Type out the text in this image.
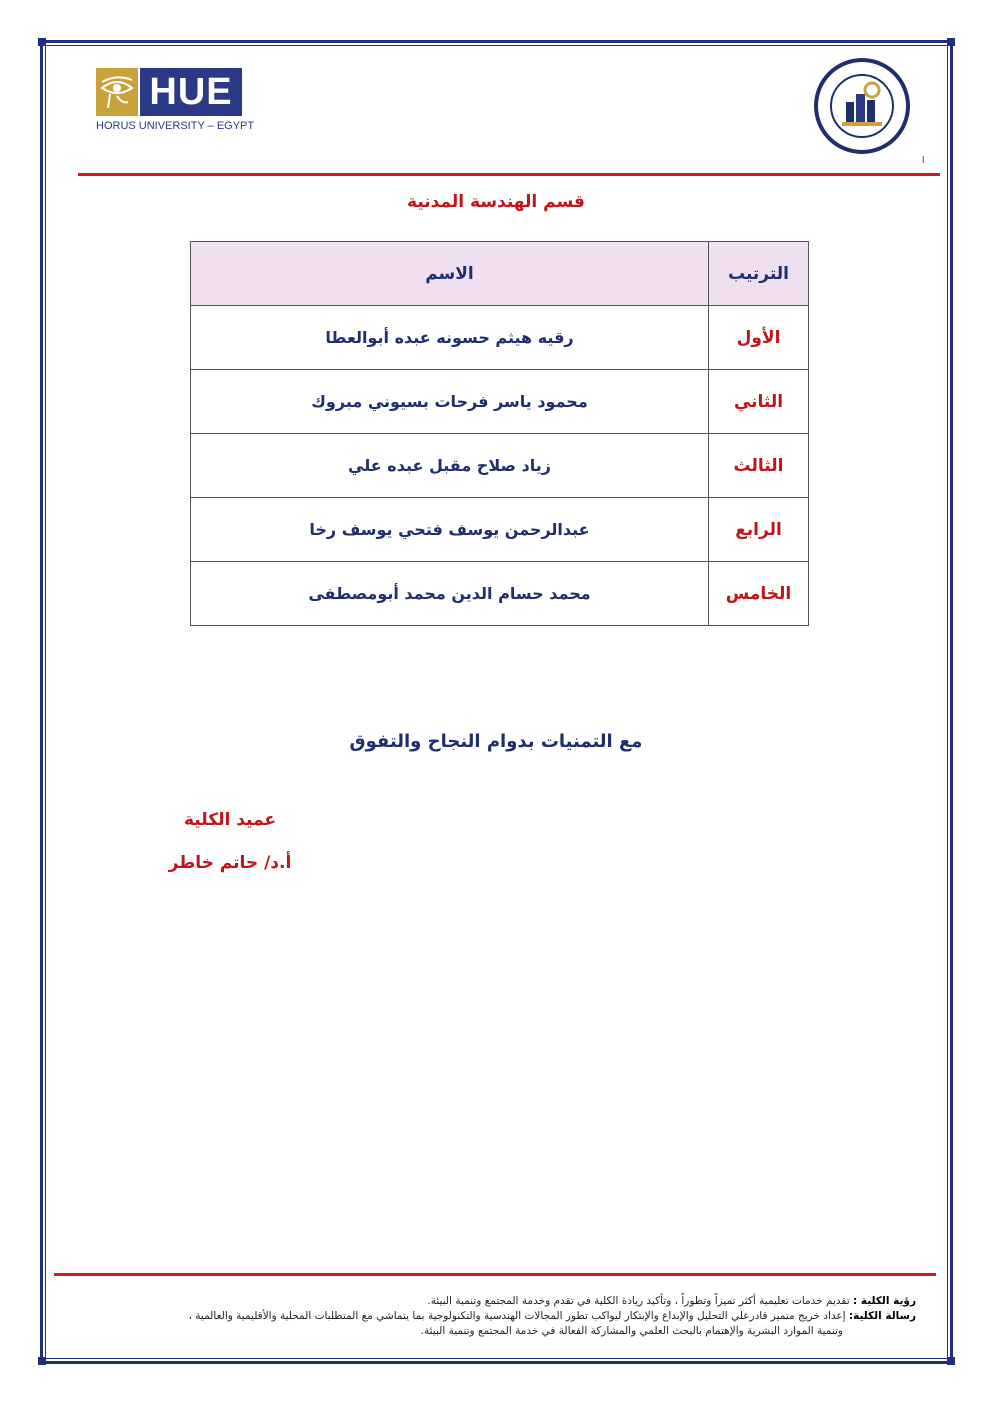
HUE
HORUS UNIVERSITY – EGYPT
ا
قسم الهندسة المدنية
الترتيب	الاسم
الأول	رقيه هيثم حسونه عبده أبوالعطا
الثاني	محمود ياسر فرحات بسيوني مبروك
الثالث	زياد صلاح مقبل عبده علي
الرابع	عبدالرحمن يوسف فتحي يوسف رخا
الخامس	محمد حسام الدين محمد أبومصطفى
مع التمنيات بدوام النجاح والتفوق
عميد الكلية
أ.د/ حاتم خاطر
رؤية الكلية : تقديم خدمات تعليمية أكثر تميزاً وتطوراً ، وتأكيد ريادة الكلية في تقدم وخدمة المجتمع وتنمية البيئة.
رسالة الكلية: إعداد خريج متميز قادرعلي التحليل والإبداع والإبتكار ليواكب تطور المجالات الهندسية والتكنولوجية بما يتماشي مع المتطلبات المحلية والأقليمية والعالمية ،
وتنمية الموارد البشرية والإهتمام بالبحث العلمي والمشاركة الفعالة في خدمة المجتمع وتنمية البيئة.
